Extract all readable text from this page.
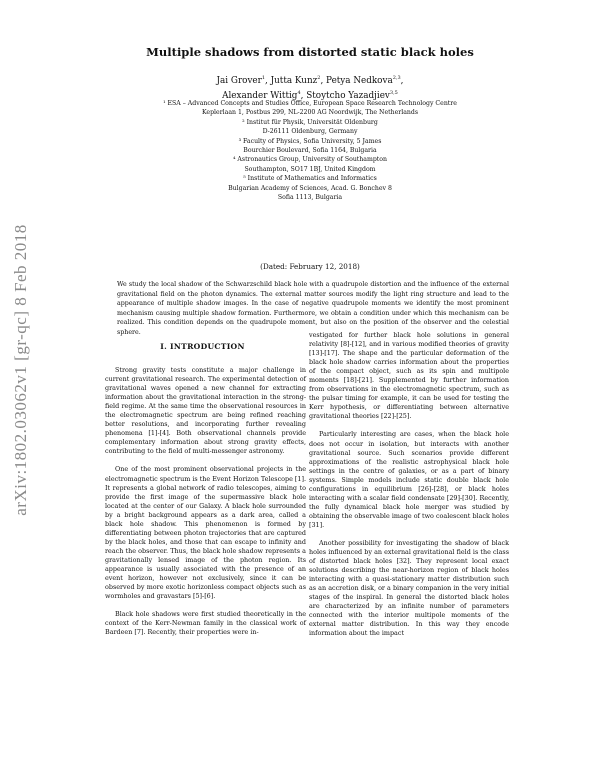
arXiv:1802.03062v1 [gr-qc] 8 Feb 2018
Multiple shadows from distorted static black holes
Jai Grover$^1$, Jutta Kunz$^2$, Petya Nedkova$^{2,3}$,
Alexander Wittig$^4$, Stoytcho Yazadjiev$^{3,5}$
¹ ESA – Advanced Concepts and Studies Office, European Space Research Technology Centre
Keplerlaan 1, Postbus 299, NL-2200 AG Noordwijk, The Netherlands
² Institut für Physik, Universität Oldenburg
D-26111 Oldenburg, Germany
³ Faculty of Physics, Sofia University, 5 James
Bourchier Boulevard, Sofia 1164, Bulgaria
⁴ Astronautics Group, University of Southampton
Southampton, SO17 1BJ, United Kingdom
⁵ Institute of Mathematics and Informatics
Bulgarian Academy of Sciences, Acad. G. Bonchev 8
Sofia 1113, Bulgaria
(Dated: February 12, 2018)
We study the local shadow of the Schwarzschild black hole with a quadrupole distortion and the influence of the external gravitational field on the photon dynamics. The external matter sources modify the light ring structure and lead to the appearance of multiple shadow images. In the case of negative quadrupole moments we identify the most prominent mechanism causing multiple shadow formation. Furthermore, we obtain a condition under which this mechanism can be realized. This condition depends on the quadrupole moment, but also on the position of the observer and the celestial sphere.
I. INTRODUCTION

Strong gravity tests constitute a major challenge in current gravitational research. The experimental detection of gravitational waves opened a new channel for extracting information about the gravitational interaction in the strong-field regime. At the same time the observational resources in the electromagnetic spectrum are being refined reaching better resolutions, and incorporating further revealing phenomena [1]-[4]. Both observational channels provide complementary information about strong gravity effects, contributing to the field of multi-messenger astronomy.

One of the most prominent observational projects in the electromagnetic spectrum is the Event Horizon Telescope [1]. It represents a global network of radio telescopes, aiming to provide the first image of the supermassive black hole located at the center of our Galaxy. A black hole surrounded by a bright background appears as a dark area, called a black hole shadow. This phenomenon is formed by differentiating between photon trajectories that are captured by the black holes, and those that can escape to infinity and reach the observer. Thus, the black hole shadow represents a gravitationally lensed image of the photon region. Its appearance is usually associated with the presence of an event horizon, however not exclusively, since it can be observed by more exotic horizonless compact objects such as wormholes and gravastars [5]-[6].

Black hole shadows were first studied theoretically in the context of the Kerr-Newman family in the classical work of Bardeen [7]. Recently, their properties were in-

vestigated for further black hole solutions in general relativity [8]-[12], and in various modified theories of gravity [13]-[17]. The shape and the particular deformation of the black hole shadow carries information about the properties of the compact object, such as its spin and multipole moments [18]-[21]. Supplemented by further information from observations in the electromagnetic spectrum, such as the pulsar timing for example, it can be used for testing the Kerr hypothesis, or differentiating between alternative gravitational theories [22]-[25].

Particularly interesting are cases, when the black hole does not occur in isolation, but interacts with another gravitational source. Such scenarios provide different approximations of the realistic astrophysical black hole settings in the centre of galaxies, or as a part of binary systems. Simple models include static double black hole configurations in equilibrium [26]-[28], or black holes interacting with a scalar field condensate [29]-[30]. Recently, the fully dynamical black hole merger was studied by obtaining the observable image of two coalescent black holes [31].

Another possibility for investigating the shadow of black holes influenced by an external gravitational field is the class of distorted black holes [32]. They represent local exact solutions describing the near-horizon region of black holes interacting with a quasi-stationary matter distribution such as an accretion disk, or a binary companion in the very initial stages of the inspiral. In general the distorted black holes are characterized by an infinite number of parameters connected with the interior multipole moments of the external matter distribution. In this way they encode information about the impact
